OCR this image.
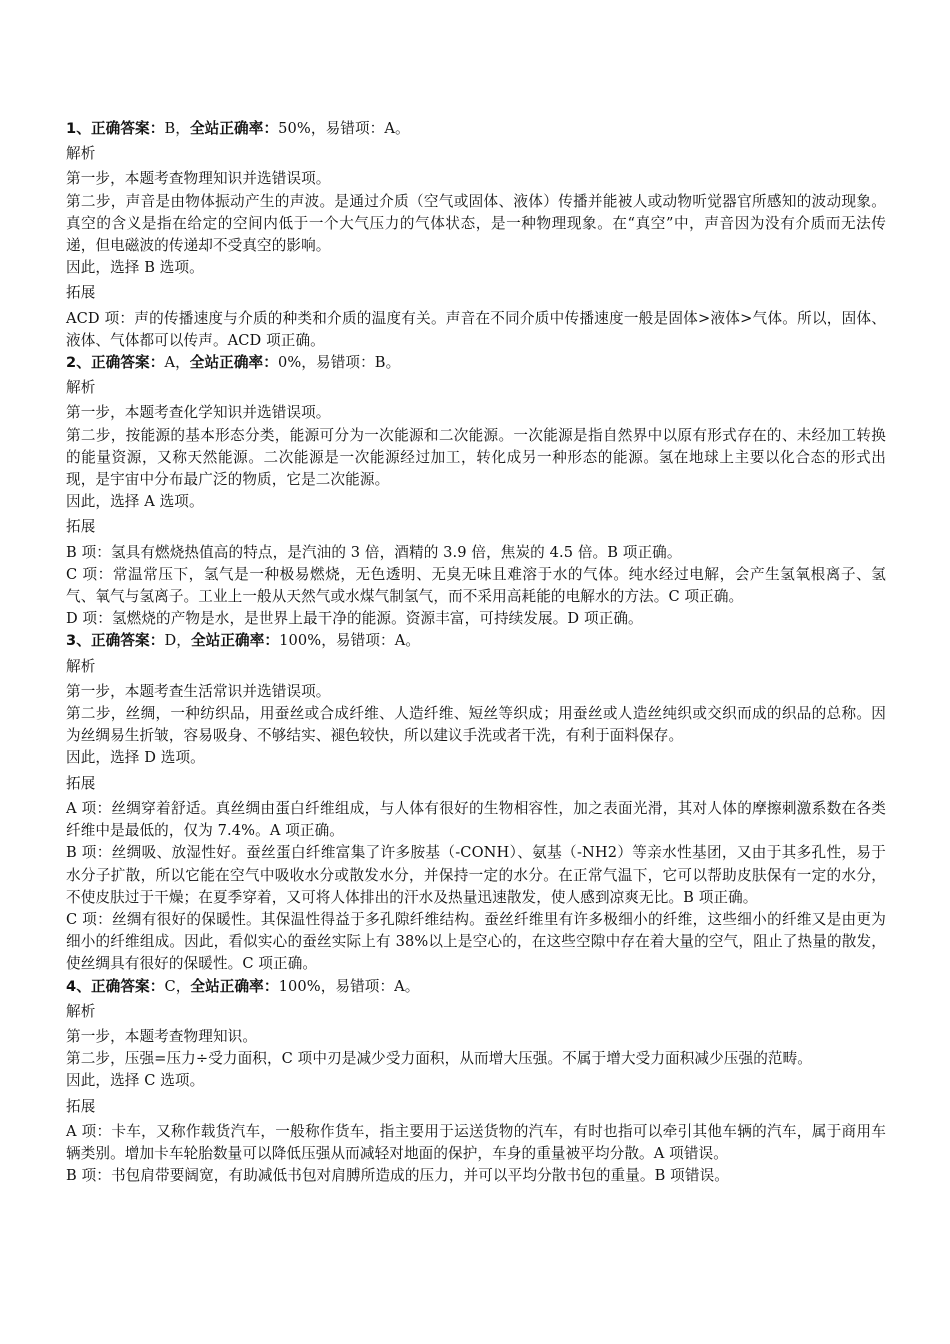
1、正确答案：B，全站正确率：50%，易错项：A。
解析
第一步，本题考查物理知识并选错误项。
第二步，声音是由物体振动产生的声波。是通过介质（空气或固体、液体）传播并能被人或动物听觉器官所感知的波动现象。真空的含义是指在给定的空间内低于一个大气压力的气体状态，是一种物理现象。在“真空”中，声音因为没有介质而无法传递，但电磁波的传递却不受真空的影响。
因此，选择 B 选项。
拓展
ACD 项：声的传播速度与介质的种类和介质的温度有关。声音在不同介质中传播速度一般是固体>液体>气体。所以，固体、液体、气体都可以传声。ACD 项正确。
2、正确答案：A，全站正确率：0%，易错项：B。
解析
第一步，本题考查化学知识并选错误项。
第二步，按能源的基本形态分类，能源可分为一次能源和二次能源。一次能源是指自然界中以原有形式存在的、未经加工转换的能量资源，又称天然能源。二次能源是一次能源经过加工，转化成另一种形态的能源。氢在地球上主要以化合态的形式出现，是宇宙中分布最广泛的物质，它是二次能源。
因此，选择 A 选项。
拓展
B 项：氢具有燃烧热值高的特点，是汽油的 3 倍，酒精的 3.9 倍，焦炭的 4.5 倍。B 项正确。
C 项：常温常压下，氢气是一种极易燃烧，无色透明、无臭无味且难溶于水的气体。纯水经过电解，会产生氢氧根离子、氢气、氧气与氢离子。工业上一般从天然气或水煤气制氢气，而不采用高耗能的电解水的方法。C 项正确。
D 项：氢燃烧的产物是水，是世界上最干净的能源。资源丰富，可持续发展。D 项正确。
3、正确答案：D，全站正确率：100%，易错项：A。
解析
第一步，本题考查生活常识并选错误项。
第二步，丝绸，一种纺织品，用蚕丝或合成纤维、人造纤维、短丝等织成；用蚕丝或人造丝纯织或交织而成的织品的总称。因为丝绸易生折皱，容易吸身、不够结实、褪色较快，所以建议手洗或者干洗，有利于面料保存。
因此，选择 D 选项。
拓展
A 项：丝绸穿着舒适。真丝绸由蛋白纤维组成，与人体有很好的生物相容性，加之表面光滑，其对人体的摩擦刺激系数在各类纤维中是最低的，仅为 7.4%。A 项正确。
B 项：丝绸吸、放湿性好。蚕丝蛋白纤维富集了许多胺基（-CONH）、氨基（-NH2）等亲水性基团，又由于其多孔性，易于水分子扩散，所以它能在空气中吸收水分或散发水分，并保持一定的水分。在正常气温下，它可以帮助皮肤保有一定的水分，不使皮肤过于干燥；在夏季穿着，又可将人体排出的汗水及热量迅速散发，使人感到凉爽无比。B 项正确。
C 项：丝绸有很好的保暖性。其保温性得益于多孔隙纤维结构。蚕丝纤维里有许多极细小的纤维，这些细小的纤维又是由更为细小的纤维组成。因此，看似实心的蚕丝实际上有 38%以上是空心的，在这些空隙中存在着大量的空气，阻止了热量的散发，使丝绸具有很好的保暖性。C 项正确。
4、正确答案：C，全站正确率：100%，易错项：A。
解析
第一步，本题考查物理知识。
第二步，压强=压力÷受力面积，C 项中刃是减少受力面积，从而增大压强。不属于增大受力面积减少压强的范畴。
因此，选择 C 选项。
拓展
A 项：卡车，又称作载货汽车，一般称作货车，指主要用于运送货物的汽车，有时也指可以牵引其他车辆的汽车，属于商用车辆类别。增加卡车轮胎数量可以降低压强从而减轻对地面的保护，车身的重量被平均分散。A 项错误。
B 项：书包肩带要阔宽，有助减低书包对肩膊所造成的压力，并可以平均分散书包的重量。B 项错误。
